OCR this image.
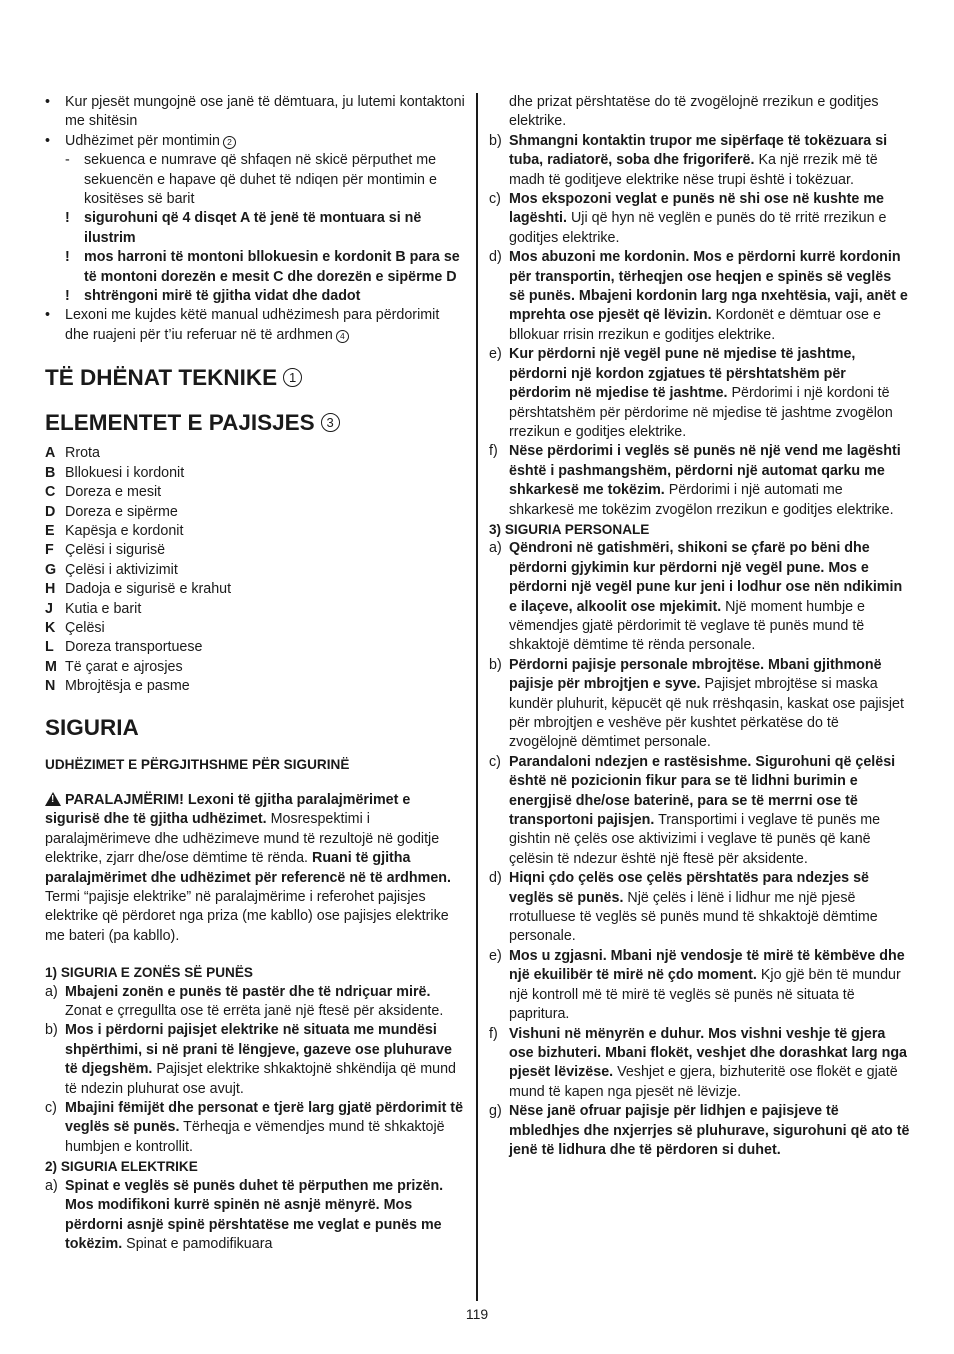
• Kur pjesët mungojnë ose janë të dëmtuara, ju lutemi kontaktoni me shitësin

• Udhëzimet për montimin 2

- sekuenca e numrave që shfaqen në skicë përputhet me sekuencën e hapave që duhet të ndiqen për montimin e kositëses së barit

! sigurohuni që 4 disqet A të jenë të montuara si në ilustrim

! mos harroni të montoni bllokuesin e kordonit B para se të montoni dorezën e mesit C dhe dorezën e sipërme D

! shtrëngoni mirë të gjitha vidat dhe dadot

• Lexoni me kujdes këtë manual udhëzimesh para përdorimit dhe ruajeni për t’iu referuar në të ardhmen 4

TË DHËNAT TEKNIKE 1
ELEMENTET E PAJISJES 3
A Rrota
B Bllokuesi i kordonit
C Doreza e mesit
D Doreza e sipërme
E Kapësja e kordonit
F Çelësi i sigurisë
G Çelësi i aktivizimit
H Dadoja e sigurisë e krahut
J Kutia e barit
K Çelësi
L Doreza transportuese
M Të çarat e ajrosjes
N Mbrojtësja e pasme
SIGURIA

UDHËZIMET E PËRGJITHSHME PËR SIGURINË

!PARALAJMËRIM! Lexoni të gjitha paralajmërimet e sigurisë dhe të gjitha udhëzimet. Mosrespektimi i paralajmërimeve dhe udhëzimeve mund të rezultojë në goditje elektrike, zjarr dhe/ose dëmtime të rënda. Ruani të gjitha paralajmërimet dhe udhëzimet për referencë në të ardhmen. Termi “pajisje elektrike” në paralajmërime i referohet pajisjes elektrike që përdoret nga priza (me kabllo) ose pajisjes elektrike me bateri (pa kabllo).

1) SIGURIA E ZONËS SË PUNËS

a) Mbajeni zonën e punës të pastër dhe të ndriçuar mirë. Zonat e çrregullta ose të errëta janë një ftesë për aksidente.

b) Mos i përdorni pajisjet elektrike në situata me mundësi shpërthimi, si në prani të lëngjeve, gazeve ose pluhurave të djegshëm. Pajisjet elektrike shkaktojnë shkëndija që mund të ndezin pluhurat ose avujt.

c) Mbajini fëmijët dhe personat e tjerë larg gjatë përdorimit të veglës së punës. Tërheqja e vëmendjes mund të shkaktojë humbjen e kontrollit.

2) SIGURIA ELEKTRIKE

a) Spinat e veglës së punës duhet të përputhen me prizën. Mos modifikoni kurrë spinën në asnjë mënyrë. Mos përdorni asnjë spinë përshtatëse me veglat e punës me tokëzim. Spinat e pamodifikuara

dhe prizat përshtatëse do të zvogëlojnë rrezikun e goditjes elektrike.

b) Shmangni kontaktin trupor me sipërfaqe të tokëzuara si tuba, radiatorë, soba dhe frigoriferë. Ka një rrezik më të madh të goditjeve elektrike nëse trupi është i tokëzuar.

c) Mos ekspozoni veglat e punës në shi ose në kushte me lagështi. Uji që hyn në veglën e punës do të rritë rrezikun e goditjes elektrike.

d) Mos abuzoni me kordonin. Mos e përdorni kurrë kordonin për transportin, tërheqjen ose heqjen e spinës së veglës së punës. Mbajeni kordonin larg nga nxehtësia, vaji, anët e mprehta ose pjesët që lëvizin. Kordonët e dëmtuar ose e bllokuar rrisin rrezikun e goditjes elektrike.

e) Kur përdorni një vegël pune në mjedise të jashtme, përdorni një kordon zgjatues të përshtatshëm për përdorim në mjedise të jashtme. Përdorimi i një kordoni të përshtatshëm për përdorime në mjedise të jashtme zvogëlon rrezikun e goditjes elektrike.

f) Nëse përdorimi i veglës së punës në një vend me lagështi është i pashmangshëm, përdorni një automat qarku me shkarkesë me tokëzim. Përdorimi i një automati me shkarkesë me tokëzim zvogëlon rrezikun e goditjes elektrike.

3) SIGURIA PERSONALE

a) Qëndroni në gatishmëri, shikoni se çfarë po bëni dhe përdorni gjykimin kur përdorni një vegël pune. Mos e përdorni një vegël pune kur jeni i lodhur ose nën ndikimin e ilaçeve, alkoolit ose mjekimit. Një moment humbje e vëmendjes gjatë përdorimit të veglave të punës mund të shkaktojë dëmtime të rënda personale.

b) Përdorni pajisje personale mbrojtëse. Mbani gjithmonë pajisje për mbrojtjen e syve. Pajisjet mbrojtëse si maska kundër pluhurit, këpucët që nuk rrëshqasin, kaskat ose pajisjet për mbrojtjen e veshëve për kushtet përkatëse do të zvogëlojnë dëmtimet personale.

c) Parandaloni ndezjen e rastësishme. Sigurohuni që çelësi është në pozicionin fikur para se të lidhni burimin e energjisë dhe/ose baterinë, para se të merrni ose të transportoni pajisjen. Transportimi i veglave të punës me gishtin në çelës ose aktivizimi i veglave të punës që kanë çelësin të ndezur është një ftesë për aksidente.

d) Hiqni çdo çelës ose çelës përshtatës para ndezjes së veglës së punës. Një çelës i lënë i lidhur me një pjesë rrotulluese të veglës së punës mund të shkaktojë dëmtime personale.

e) Mos u zgjasni. Mbani një vendosje të mirë të këmbëve dhe një ekuilibër të mirë në çdo moment. Kjo gjë bën të mundur një kontroll më të mirë të veglës së punës në situata të papritura.

f) Vishuni në mënyrën e duhur. Mos vishni veshje të gjera ose bizhuteri. Mbani flokët, veshjet dhe dorashkat larg nga pjesët lëvizëse. Veshjet e gjera, bizhuteritë ose flokët e gjatë mund të kapen nga pjesët në lëvizje.

g) Nëse janë ofruar pajisje për lidhjen e pajisjeve të mbledhjes dhe nxjerrjes së pluhurave, sigurohuni që ato të jenë të lidhura dhe të përdoren si duhet.

119
